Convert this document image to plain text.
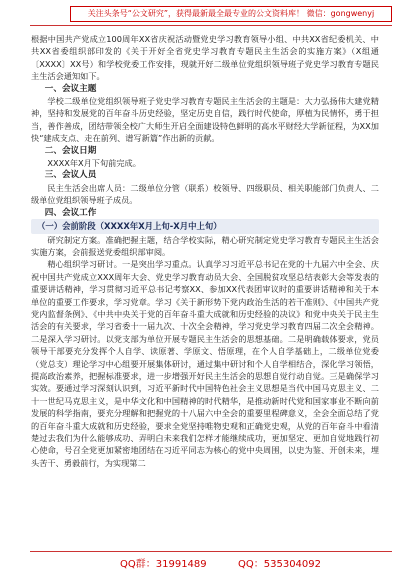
关注头条号“公文研究”，获得最新最全最专业的公文资料库！ 微信：gongwenyj

根据中国共产党成立100周年XX省庆祝活动暨党史学习教育领导小组、中共XX省纪委机关、中共XX省委组织部印发的《关于开好全省党史学习教育专题民主生活会的实施方案》（X组通〔XXXX〕XX号）和学校党委工作安排，现就开好二级单位党组织领导班子党史学习教育专题民主生活会通知如下。

一、会议主题

学校二级单位党组织领导班子党史学习教育专题民主生活会的主题是：大力弘扬伟大建党精神，坚持和发展党的百年奋斗历史经验，坚定历史自信，践行时代使命，厚植为民情怀，勇于担当，善作善成，团结带领全校广大师生开启全面建设特色鲜明的高水平财经大学新征程，为XX加快“建成支点、走在前列、谱写新篇”作出新的贡献。

二、会议日期

XXXX年X月下旬前完成。

三、会议人员

民主生活会出席人员：二级单位分管（联系）校领导、四级职员、相关职能部门负责人、二级单位党组织领导班子成员。

四、会议工作

（一）会前阶段（XXXX年X月上旬-X月中上旬）

研究制定方案。准确把握主题，结合学校实际，精心研究制定党史学习教育专题民主生活会实施方案，会前报送党委组织部审阅。

精心组织学习研讨。一是突出学习重点。认真学习习近平总书记在党的十九届六中全会、庆祝中国共产党成立XXX周年大会、党史学习教育动员大会、全国脱贫攻坚总结表彰大会等发表的重要讲话精神，学习贯彻习近平总书记考察XX、参加XX代表团审议时的重要讲话精神和关于本单位的重要工作要求，学习党章。学习《关于新形势下党内政治生活的若干准则》、《中国共产党党内监督条例》、《中共中央关于党的百年奋斗重大成就和历史经验的决议》和党中央关于民主生活会的有关要求，学习省委十一届九次、十次全会精神，学习党史学习教育四届二次全会精神。二是深入学习研讨。以党支部为单位开展专题民主生活会的思想基础。二是明确载体要求，党员领导干部要充分发挥个人自学、读原著、学原文、悟原理，在个人自学基础上，二级单位党委（党总支）理论学习中心组要开展集体研讨，通过集中研讨和个人自学相结合，深化学习领悟，提高政治素养，把握标准要求，进一步增强开好民主生活会的思想自觉行动自觉。三是确保学习实效。要通过学习深刻认识到，习近平新时代中国特色社会主义思想是当代中国马克思主义、二十一世纪马克思主义，是中华文化和中国精神的时代精华，是推动新时代党和国家事业不断向前发展的科学指南，要充分理解和把握党的十八届六中全会的重要里程碑意义，全会全面总结了党的百年奋斗重大成就和历史经验，要求全党坚持唯物史观和正确党史观，从党的百年奋斗中看清楚过去我们为什么能够成功、弄明白未来我们怎样才能继续成功，更加坚定、更加自觉地践行初心使命，号召全党更加紧密地团结在习近平同志为核心的党中央周围，以史为鉴、开创未来，埋头苦干、勇毅前行，为实现第二

QQ群：31991489	QQ：535304092
